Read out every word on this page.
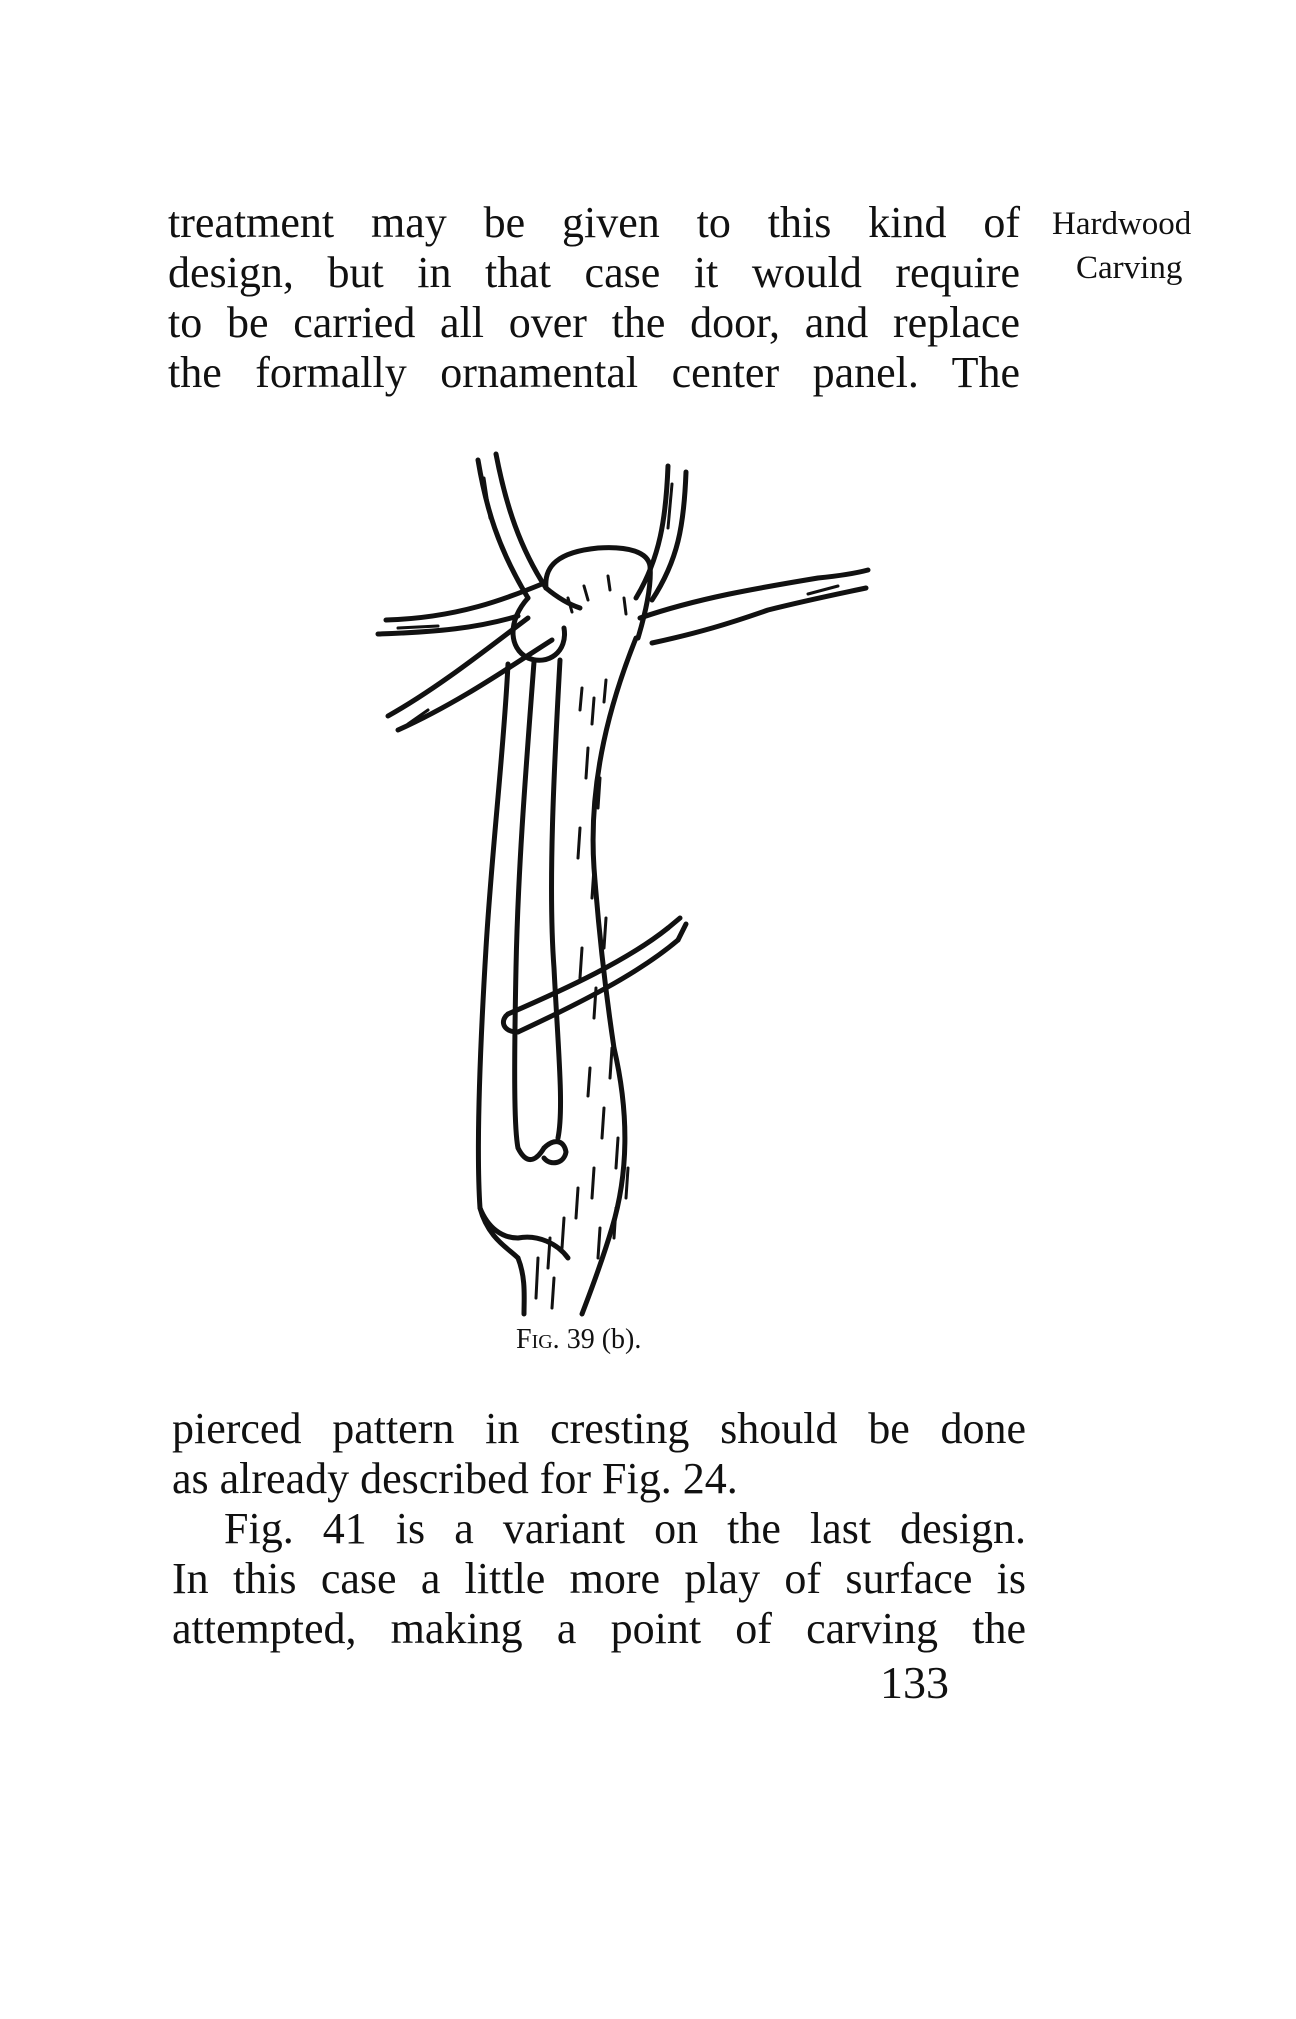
Hardwood
Carving

treatment may be given to this kind of

design, but in that case it would require

to be carried all over the door, and replace

the formally ornamental center panel. The

Fig. 39 (b).

pierced pattern in cresting should be done

as already described for Fig. 24.

Fig. 41 is a variant on the last design.

In this case a little more play of surface is

attempted, making a point of carving the

133
